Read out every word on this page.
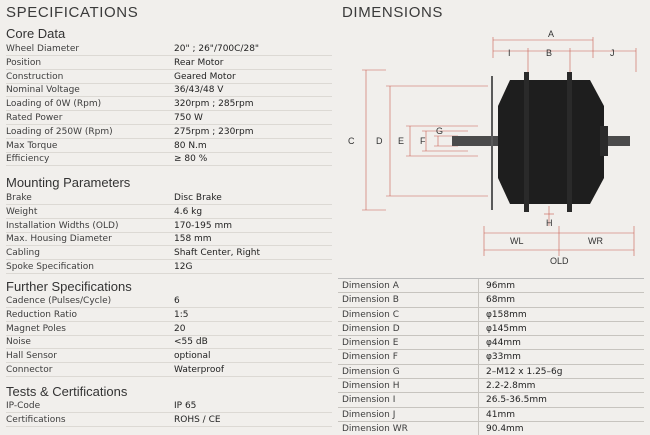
SPECIFICATIONS	DIMENSIONS
Core Data
Wheel Diameter	20" ; 26"/700C/28"
Position	Rear Motor
Construction	Geared Motor
Nominal Voltage	36/43/48 V
Loading of 0W (Rpm)	320rpm ; 285rpm
Rated Power	750 W
Loading of 250W (Rpm)	275rpm ; 230rpm
Max Torque	80 N.m
Efficiency	≥ 80 %
Mounting Parameters
Brake	Disc Brake
Weight	4.6 kg
Installation Widths (OLD)	170-195 mm
Max. Housing Diameter	158 mm
Cabling	Shaft Center, Right
Spoke Specification	12G
Further Specifications
Cadence (Pulses/Cycle)	6
Reduction Ratio	1:5
Magnet Poles	20
Noise	<55 dB
Hall Sensor	optional
Connector	Waterproof
Tests & Certifications
IP-Code	IP 65
Certifications	ROHS / CE
A
I	B	J
C D E F
G
H
WL	WR
OLD
Dimension A	96mm
Dimension B	68mm
Dimension C	φ158mm
Dimension D	φ145mm
Dimension E	φ44mm
Dimension F	φ33mm
Dimension G	2–M12 x 1.25–6g
Dimension H	2.2-2.8mm
Dimension I	26.5-36.5mm
Dimension J	41mm
Dimension WR	90.4mm
